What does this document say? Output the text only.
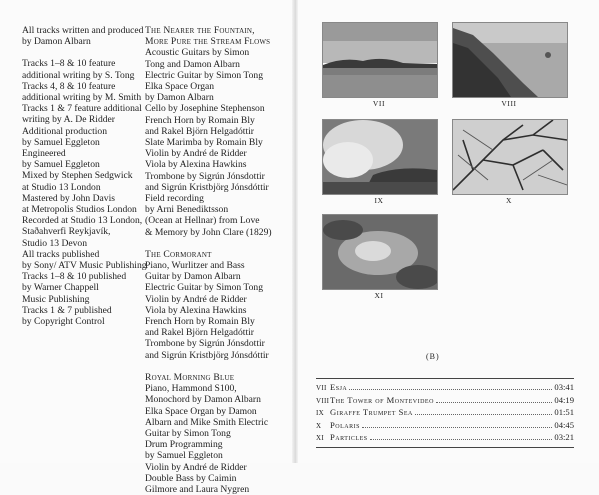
All tracks written and produced
by Damon Albarn
Tracks 1–8 & 10 feature
additional writing by S. Tong
Tracks 4, 8 & 10 feature
additional writing by M. Smith
Tracks 1 & 7 feature additional
writing by A. De Ridder
Additional production
by Samuel Eggleton
Engineered
by Samuel Eggleton
Mixed by Stephen Sedgwick
at Studio 13 London
Mastered by John Davis
at Metropolis Studios London
Recorded at Studio 13 London,
Staðahverfi Reykjavík,
Studio 13 Devon
All tracks published
by Sony/ ATV Music Publishing
Tracks 1–8 & 10 published
by Warner Chappell
Music Publishing
Tracks 1 & 7 published
by Copyright Control
The Nearer the Fountain,
More Pure the Stream Flows
Acoustic Guitars by Simon
Tong and Damon Albarn
Electric Guitar by Simon Tong
Elka Space Organ
by Damon Albarn
Cello by Josephine Stephenson
French Horn by Romain Bly
and Rakel Björn Helgadóttir
Slate Marimba by Romain Bly
Violin by André de Ridder
Viola by Alexina Hawkins
Trombone by Sigrún Jónsdottir
and Sigrún Kristbjörg Jónsdóttir
Field recording
by Arni Benediktsson
(Ocean at Hellnar) from Love
& Memory by John Clare (1829)
The Cormorant
Piano, Wurlitzer and Bass
Guitar by Damon Albarn
Electric Guitar by Simon Tong
Violin by André de Ridder
Viola by Alexina Hawkins
French Horn by Romain Bly
and Rakel Björn Helgadóttir
Trombone by Sigrún Jónsdottir
and Sigrún Kristbjörg Jónsdóttir
Royal Morning Blue
Piano, Hammond S100,
Monochord by Damon Albarn
Elka Space Organ by Damon
Albarn and Mike Smith Electric
Guitar by Simon Tong
Drum Programming
by Samuel Eggleton
Violin by André de Ridder
Double Bass by Caimin
Gilmore and Laura Nygren
VII	VIII
IX	X
XI
(B)
VII Esja	03:41
VIII The Tower of Montevideo	04:19
IX Giraffe Trumpet Sea	01:51
X	Polaris	04:45
XI Particles	03:21
